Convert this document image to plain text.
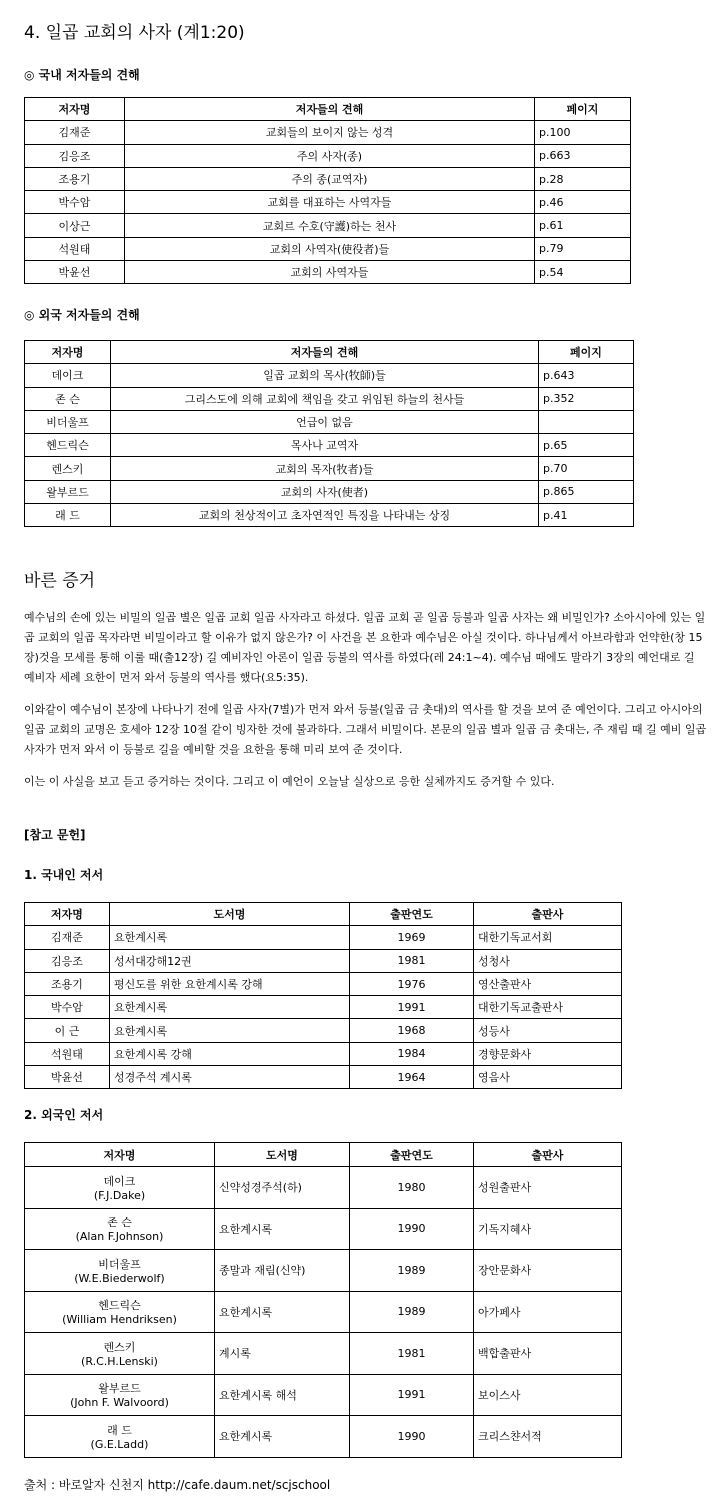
4. 일곱 교회의 사자 (계1:20)

◎ 국내 저자들의 견해

저자명	저자들의 견해	페이지
김재준	교회들의 보이지 않는 성격	p.100
김응조	주의 사자(종)	p.663
조용기	주의 종(교역자)	p.28
박수암	교회를 대표하는 사역자들	p.46
이상근	교회르 수호(守護)하는 천사	p.61
석원태	교회의 사역자(使役者)들	p.79
박윤선	교회의 사역자들	p.54

◎ 외국 저자들의 견해

저자명	저자들의 견해	페이지
데이크	일곱 교회의 목사(牧師)들	p.643
존 슨	그리스도에 의해 교회에 책임을 갖고 위임된 하늘의 천사들	p.352
비더울프	언급이 없음	
헨드릭슨	목사나 교역자	p.65
렌스키	교회의 목자(牧者)들	p.70
왈부르드	교회의 사자(使者)	p.865
래 드	교회의 천상적이고 초자연적인 특징을 나타내는 상징	p.41
바른 증거

예수님의 손에 있는 비밀의 일곱 별은 일곱 교회 일곱 사자라고 하셨다. 일곱 교회 곧 일곱 등불과 일곱 사자는 왜 비밀인가? 소아시아에 있는 일곱 교회의 일곱 목자라면 비밀이라고 할 이유가 없지 않은가? 이 사건을 본 요한과 예수님은 아실 것이다. 하나님께서 아브라함과 언약한(창 15장)것을 모세를 통해 이룰 때(출12장) 길 예비자인 아론이 일곱 등불의 역사를 하였다(레 24:1~4). 예수님 때에도 말라기 3장의 예언대로 길 예비자 세례 요한이 먼저 와서 등불의 역사를 했다(요5:35).

이와같이 예수님이 본장에 나타나기 전에 일곱 사자(7별)가 먼저 와서 등불(일곱 금 촛대)의 역사를 할 것을 보여 준 예언이다. 그리고 아시아의 일곱 교회의 교명은 호세아 12장 10절 같이 빙자한 것에 불과하다. 그래서 비밀이다. 본문의 일곱 별과 일곱 금 촛대는, 주 재림 때 길 예비 일곱 사자가 먼저 와서 이 등불로 길을 예비할 것을 요한을 통해 미리 보여 준 것이다.

이는 이 사실을 보고 듣고 증거하는 것이다. 그리고 이 예언이 오늘날 실상으로 응한 실체까지도 증거할 수 있다.

[참고 문헌]

1. 국내인 저서

저자명	도서명	출판연도	출판사
김재준	요한계시록	1969	대한기독교서회
김응조	성서대강해12권	1981	성청사
조용기	평신도를 위한 요한계시록 강해	1976	영산출판사
박수암	요한계시록	1991	대한기독교출판사
이 근	요한계시록	1968	성등사
석원태	요한계시록 강해	1984	경향문화사
박윤선	성경주석 계시록	1964	영음사

2. 외국인 저서

저자명	도서명	출판연도	출판사

데이크
(F.J.Dake)	신약성경주석(하)	1980	성원출판사

존 슨
(Alan F.Johnson)	요한계시록	1990	기독지혜사

비더울프
(W.E.Biederwolf)	종말과 재림(신약)	1989	장안문화사

헨드릭슨
(William Hendriksen)	요한계시록	1989	아가페사

렌스키
(R.C.H.Lenski)	계시록	1981	백합출판사

왈부르드
(John F. Walvoord)	요한계시록 해석	1991	보이스사

래 드
(G.E.Ladd)	요한계시록	1990	크리스챤서적

출처 : 바로알자 신천지 http://cafe.daum.net/scjschool
